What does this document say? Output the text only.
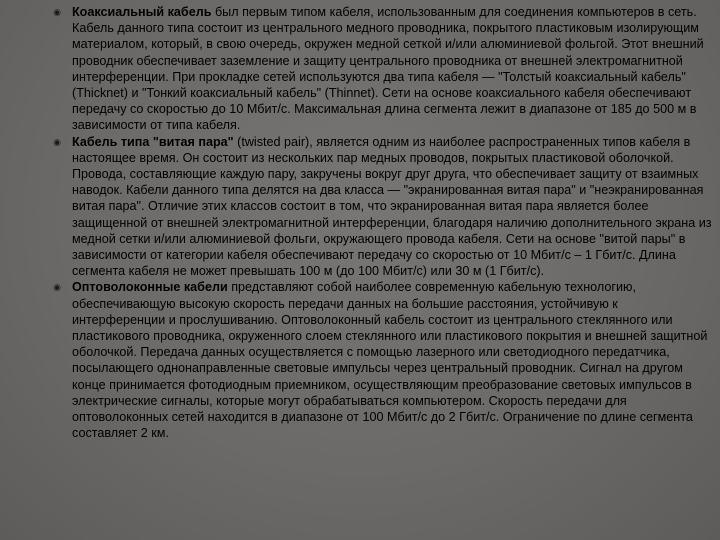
◉ Коаксиальный кабель был первым типом кабеля, использованным для соединения компьютеров в сеть. Кабель данного типа состоит из центрального медного проводника, покрытого пластиковым изолирующим материалом, который, в свою очередь, окружен медной сеткой и/или алюминиевой фольгой. Этот внешний проводник обеспечивает заземление и защиту центрального проводника от внешней электромагнитной интерференции. При прокладке сетей используются два типа кабеля — "Толстый коаксиальный кабель" (Thicknet) и "Тонкий коаксиальный кабель" (Thinnet). Сети на основе коаксиального кабеля обеспечивают передачу со скоростью до 10 Мбит/с. Максимальная длина сегмента лежит в диапазоне от 185 до 500 м в зависимости от типа кабеля.
◉ Кабель типа "витая пара" (twisted pair), является одним из наиболее распространенных типов кабеля в настоящее время. Он состоит из нескольких пар медных проводов, покрытых пластиковой оболочкой. Провода, составляющие каждую пару, закручены вокруг друг друга, что обеспечивает защиту от взаимных наводок. Кабели данного типа делятся на два класса — "экранированная витая пара" и "неэкранированная витая пара". Отличие этих классов состоит в том, что экранированная витая пара является более защищенной от внешней электромагнитной интерференции, благодаря наличию дополнительного экрана из медной сетки и/или алюминиевой фольги, окружающего провода кабеля. Сети на основе "витой пары" в зависимости от категории кабеля обеспечивают передачу со скоростью от 10 Мбит/с – 1 Гбит/с. Длина сегмента кабеля не может превышать 100 м (до 100 Мбит/с) или 30 м (1 Гбит/с).
◉ Оптоволоконные кабели представляют собой наиболее современную кабельную технологию, обеспечивающую высокую скорость передачи данных на большие расстояния, устойчивую к интерференции и прослушиванию. Оптоволоконный кабель состоит из центрального стеклянного или пластикового проводника, окруженного слоем стеклянного или пластикового покрытия и внешней защитной оболочкой. Передача данных осуществляется с помощью лазерного или светодиодного передатчика, посылающего однонаправленные световые импульсы через центральный проводник. Сигнал на другом конце принимается фотодиодным приемником, осуществляющим преобразование световых импульсов в электрические сигналы, которые могут обрабатываться компьютером. Скорость передачи для оптоволоконных сетей находится в диапазоне от 100 Мбит/с до 2 Гбит/с. Ограничение по длине сегмента составляет 2 км.
